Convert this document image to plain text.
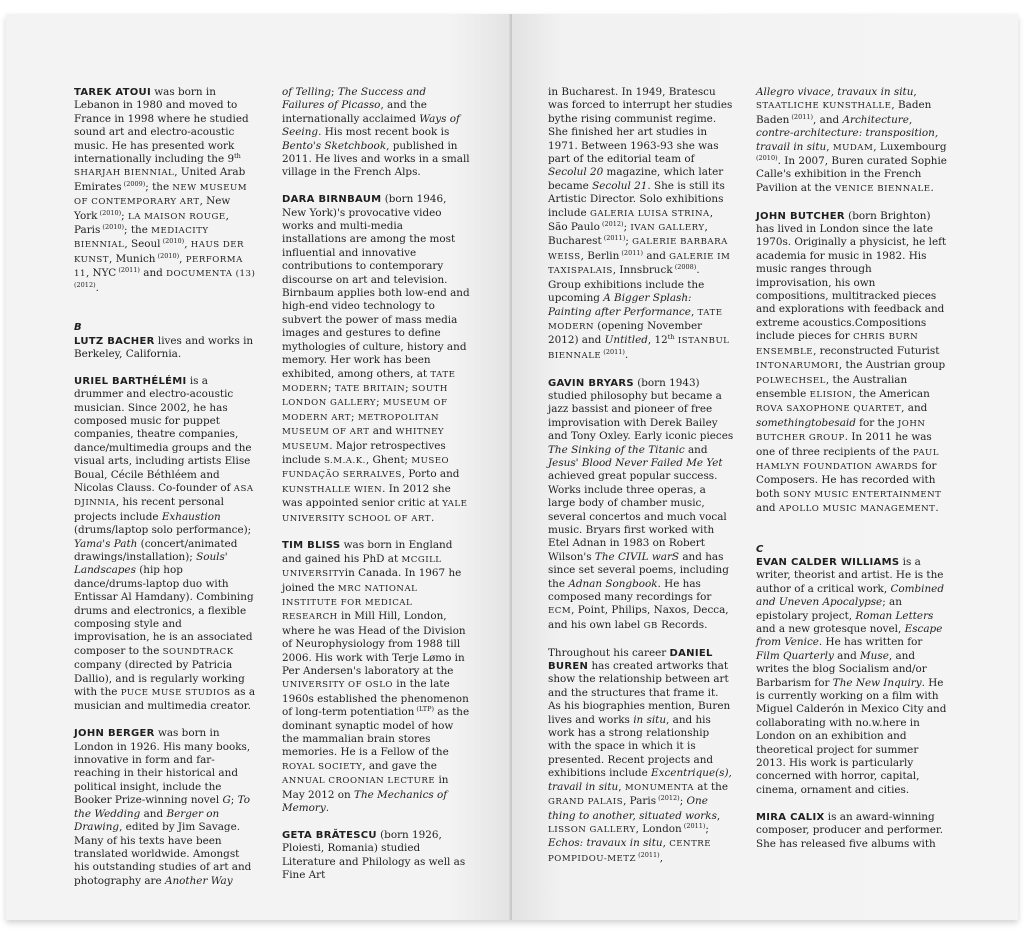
TAREK ATOUI was born in Lebanon in 1980 and moved to France in 1998 where he studied sound art and electro-acoustic music. He has presented work internationally including the 9th SHARJAH BIENNIAL, United Arab Emirates $^{(2009)}$; the NEW MUSEUM OF CONTEMPORARY ART, New York $^{(2010)}$; LA MAISON ROUGE, Paris $^{(2010)}$; the MEDIACITY BIENNIAL, Seoul $^{(2010)}$, HAUS DER KUNST, Munich $^{(2010)}$, PERFORMA 11, NYC $^{(2011)}$ and DOCUMENTA (13) $^{(2012)}$.

B

LUTZ BACHER lives and works in Berkeley, California.

URIEL BARTHÉLÉMI is a drummer and electro-acoustic musician. Since 2002, he has composed music for puppet companies, theatre companies, dance/multimedia groups and the visual arts, including artists Elise Boual, Cécile Béthléem and Nicolas Clauss. Co-founder of ASA DJINNIA, his recent personal projects include Exhaustion (drums/laptop solo performance); Yama's Path (concert/animated drawings/installation); Souls' Landscapes (hip hop dance/drums-laptop duo with Entissar Al Hamdany). Combining drums and electronics, a flexible composing style and improvisation, he is an associated composer to the SOUNDTRACK company (directed by Patricia Dallio), and is regularly working with the PUCE MUSE STUDIOS as a musician and multimedia creator.

JOHN BERGER was born in London in 1926. His many books, innovative in form and far-reaching in their historical and political insight, include the Booker Prize-winning novel G; To the Wedding and Berger on Drawing, edited by Jim Savage. Many of his texts have been translated worldwide. Amongst his outstanding studies of art and photography are Another Way

of Telling; The Success and Failures of Picasso, and the internationally acclaimed Ways of Seeing. His most recent book is Bento's Sketchbook, published in 2011. He lives and works in a small village in the French Alps.

DARA BIRNBAUM (born 1946, New York)'s provocative video works and multi-media installations are among the most influential and innovative contributions to contemporary discourse on art and television. Birnbaum applies both low-end and high-end video technology to subvert the power of mass media images and gestures to define mythologies of culture, history and memory. Her work has been exhibited, among others, at TATE MODERN; TATE BRITAIN; SOUTH LONDON GALLERY; MUSEUM OF MODERN ART; METROPOLITAN MUSEUM OF ART and WHITNEY MUSEUM. Major retrospectives include S.M.A.K., Ghent; MUSEO FUNDAÇÃO SERRALVES, Porto and KUNSTHALLE WIEN. In 2012 she was appointed senior critic at YALE UNIVERSITY SCHOOL OF ART.

TIM BLISS was born in England and gained his PhD at MCGILL UNIVERSITYin Canada. In 1967 he joined the MRC NATIONAL INSTITUTE FOR MEDICAL RESEARCH in Mill Hill, London, where he was Head of the Division of Neurophysiology from 1988 till 2006. His work with Terje Lømo in Per Andersen's laboratory at the UNIVERSITY OF OSLO in the late 1960s established the phenomenon of long-term potentiation $^{(LTP)}$ as the dominant synaptic model of how the mammalian brain stores memories. He is a Fellow of the ROYAL SOCIETY, and gave the ANNUAL CROONIAN LECTURE in May 2012 on The Mechanics of Memory.

GETA BRĂTESCU (born 1926, Ploiesti, Romania) studied Literature and Philology as well as Fine Art

in Bucharest. In 1949, Bratescu was forced to interrupt her studies bythe rising communist regime. She finished her art studies in 1971. Between 1963-93 she was part of the editorial team of Secolul 20 magazine, which later became Secolul 21. She is still its Artistic Director. Solo exhibitions include GALERIA LUISA STRINA, São Paulo $^{(2012)}$; IVAN GALLERY, Bucharest $^{(2011)}$; GALERIE BARBARA WEISS, Berlin $^{(2011)}$ and GALERIE IM TAXISPALAIS, Innsbruck $^{(2008)}$. Group exhibitions include the upcoming A Bigger Splash: Painting after Performance, TATE MODERN (opening November 2012) and Untitled, 12th ISTANBUL BIENNALE $^{(2011)}$.

GAVIN BRYARS (born 1943) studied philosophy but became a jazz bassist and pioneer of free improvisation with Derek Bailey and Tony Oxley. Early iconic pieces The Sinking of the Titanic and Jesus' Blood Never Failed Me Yet achieved great popular success. Works include three operas, a large body of chamber music, several concertos and much vocal music. Bryars first worked with Etel Adnan in 1983 on Robert Wilson's The CIVIL warS and has since set several poems, including the Adnan Songbook. He has composed many recordings for ECM, Point, Philips, Naxos, Decca, and his own label GB Records.

Throughout his career DANIEL BUREN has created artworks that show the relationship between art and the structures that frame it. As his biographies mention, Buren lives and works in situ, and his work has a strong relationship with the space in which it is presented. Recent projects and exhibitions include Excentrique(s), travail in situ, MONUMENTA at the GRAND PALAIS, Paris $^{(2012)}$; One thing to another, situated works, LISSON GALLERY, London $^{(2011)}$; Echos: travaux in situ, CENTRE POMPIDOU-METZ $^{(2011)}$,

Allegro vivace, travaux in situ, STAATLICHE KUNSTHALLE, Baden Baden $^{(2011)}$, and Architecture, contre-architecture: transposition, travail in situ, MUDAM, Luxembourg $^{(2010)}$. In 2007, Buren curated Sophie Calle's exhibition in the French Pavilion at the VENICE BIENNALE.

JOHN BUTCHER (born Brighton) has lived in London since the late 1970s. Originally a physicist, he left academia for music in 1982. His music ranges through improvisation, his own compositions, multitracked pieces and explorations with feedback and extreme acoustics.Compositions include pieces for CHRIS BURN ENSEMBLE, reconstructed Futurist INTONARUMORI, the Austrian group POLWECHSEL, the Australian ensemble ELISION, the American ROVA SAXOPHONE QUARTET, and somethingtobesaid for the JOHN BUTCHER GROUP. In 2011 he was one of three recipients of the PAUL HAMLYN FOUNDATION AWARDS for Composers. He has recorded with both SONY MUSIC ENTERTAINMENT and APOLLO MUSIC MANAGEMENT.

C

EVAN CALDER WILLIAMS is a writer, theorist and artist. He is the author of a critical work, Combined and Uneven Apocalypse; an epistolary project, Roman Letters and a new grotesque novel, Escape from Venice. He has written for Film Quarterly and Muse, and writes the blog Socialism and/or Barbarism for The New Inquiry. He is currently working on a film with Miguel Calderón in Mexico City and collaborating with no.w.here in London on an exhibition and theoretical project for summer 2013. His work is particularly concerned with horror, capital, cinema, ornament and cities.

MIRA CALIX is an award-winning composer, producer and performer. She has released five albums with
